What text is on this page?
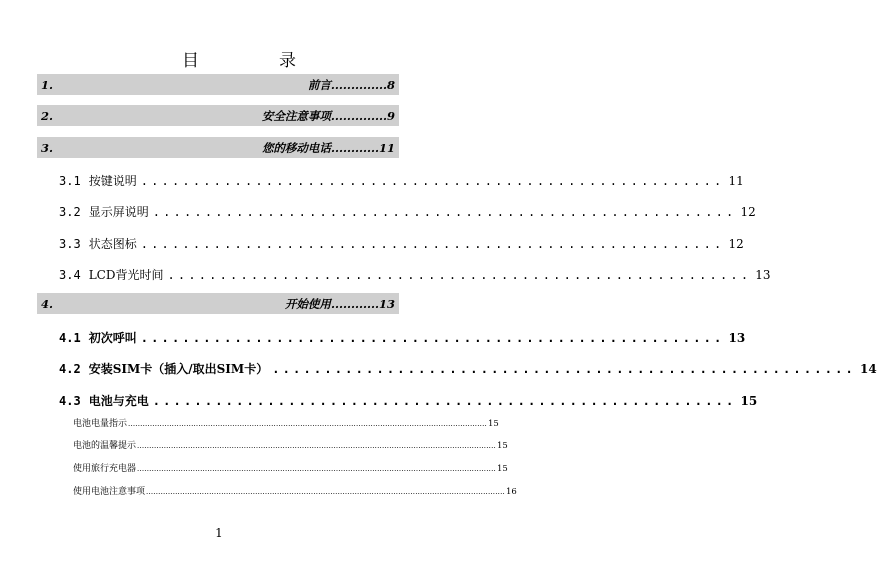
目 录
1.	前言 .............. 8
2.	安全注意事项 .............. 9
3.	您的移动电话 ............ 11
3.1 按键说明 ........................................................ 11
3.2 显示屏说明 ........................................................ 12
3.3 状态图标 ........................................................ 12
3.4 LCD背光时间 ........................................................ 13
4.	开始使用 ............ 13
4.1 初次呼叫 ........................................................ 13
4.2 安装SIM卡（插入/取出SIM卡） ........................................................ 14
4.3 电池与充电 ........................................................ 15
电池电量指示 .................................................................................................................................................... 15
电池的温馨提示 .................................................................................................................................................... 15
使用旅行充电器 .................................................................................................................................................... 15
使用电池注意事项 .................................................................................................................................................... 16
1
